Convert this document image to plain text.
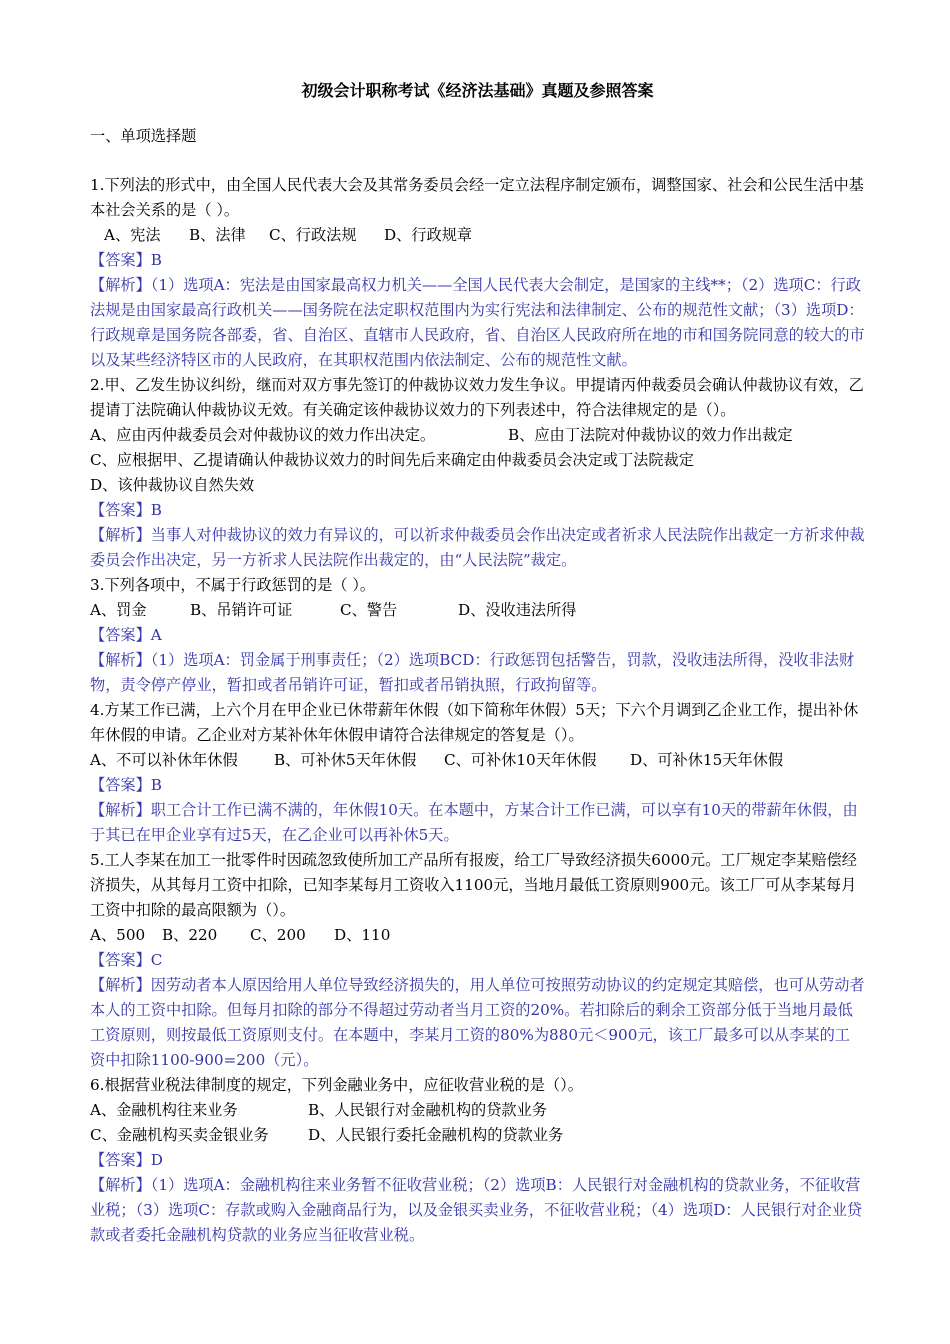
初级会计职称考试《经济法基础》真题及参照答案
一、单项选择题
1.下列法的形式中，由全国人民代表大会及其常务委员会经一定立法程序制定颁布，调整国家、社会和公民生活中基本社会关系的是（ ）。
A、宪法 B、法律 C、行政法规 D、行政规章
【答案】B
【解析】（1）选项A：宪法是由国家最高权力机关——全国人民代表大会制定，是国家的主线**；（2）选项C：行政法规是由国家最高行政机关——国务院在法定职权范围内为实行宪法和法律制定、公布的规范性文献；（3）选项D：行政规章是国务院各部委，省、自治区、直辖市人民政府，省、自治区人民政府所在地的市和国务院同意的较大的市以及某些经济特区市的人民政府，在其职权范围内依法制定、公布的规范性文献。
2.甲、乙发生协议纠纷，继而对双方事先签订的仲裁协议效力发生争议。甲提请丙仲裁委员会确认仲裁协议有效，乙提请丁法院确认仲裁协议无效。有关确定该仲裁协议效力的下列表述中，符合法律规定的是（）。
A、应由丙仲裁委员会对仲裁协议的效力作出决定。	B、应由丁法院对仲裁协议的效力作出裁定
C、应根据甲、乙提请确认仲裁协议效力的时间先后来确定由仲裁委员会决定或丁法院裁定
D、该仲裁协议自然失效
【答案】B
【解析】当事人对仲裁协议的效力有异议的，可以祈求仲裁委员会作出决定或者祈求人民法院作出裁定一方祈求仲裁委员会作出决定，另一方祈求人民法院作出裁定的，由“人民法院”裁定。
3.下列各项中，不属于行政惩罚的是（ ）。
A、罚金	B、吊销许可证	C、警告	D、没收违法所得
【答案】A
【解析】（1）选项A：罚金属于刑事责任；（2）选项BCD：行政惩罚包括警告，罚款，没收违法所得，没收非法财物，责令停产停业，暂扣或者吊销许可证，暂扣或者吊销执照，行政拘留等。
4.方某工作已满，上六个月在甲企业已休带薪年休假（如下简称年休假）5天；下六个月调到乙企业工作，提出补休年休假的申请。乙企业对方某补休年休假申请符合法律规定的答复是（）。
A、不可以补休年休假 B、可补休5天年休假 C、可补休10天年休假 D、可补休15天年休假
【答案】B
【解析】职工合计工作已满不满的，年休假10天。在本题中，方某合计工作已满，可以享有10天的带薪年休假，由于其已在甲企业享有过5天，在乙企业可以再补休5天。
5.工人李某在加工一批零件时因疏忽致使所加工产品所有报废，给工厂导致经济损失6000元。工厂规定李某赔偿经济损失，从其每月工资中扣除，已知李某每月工资收入1100元，当地月最低工资原则900元。该工厂可从李某每月工资中扣除的最高限额为（）。
A、500 B、220 C、200 D、110
【答案】C
【解析】因劳动者本人原因给用人单位导致经济损失的，用人单位可按照劳动协议的约定规定其赔偿，也可从劳动者本人的工资中扣除。但每月扣除的部分不得超过劳动者当月工资的20%。若扣除后的剩余工资部分低于当地月最低工资原则，则按最低工资原则支付。在本题中，李某月工资的80%为880元＜900元，该工厂最多可以从李某的工资中扣除1100-900=200（元）。
6.根据营业税法律制度的规定，下列金融业务中，应征收营业税的是（）。
A、金融机构往来业务	B、人民银行对金融机构的贷款业务
C、金融机构买卖金银业务	D、人民银行委托金融机构的贷款业务
【答案】D
【解析】（1）选项A：金融机构往来业务暂不征收营业税；（2）选项B：人民银行对金融机构的贷款业务，不征收营业税；（3）选项C：存款或购入金融商品行为，以及金银买卖业务，不征收营业税；（4）选项D：人民银行对企业贷款或者委托金融机构贷款的业务应当征收营业税。
